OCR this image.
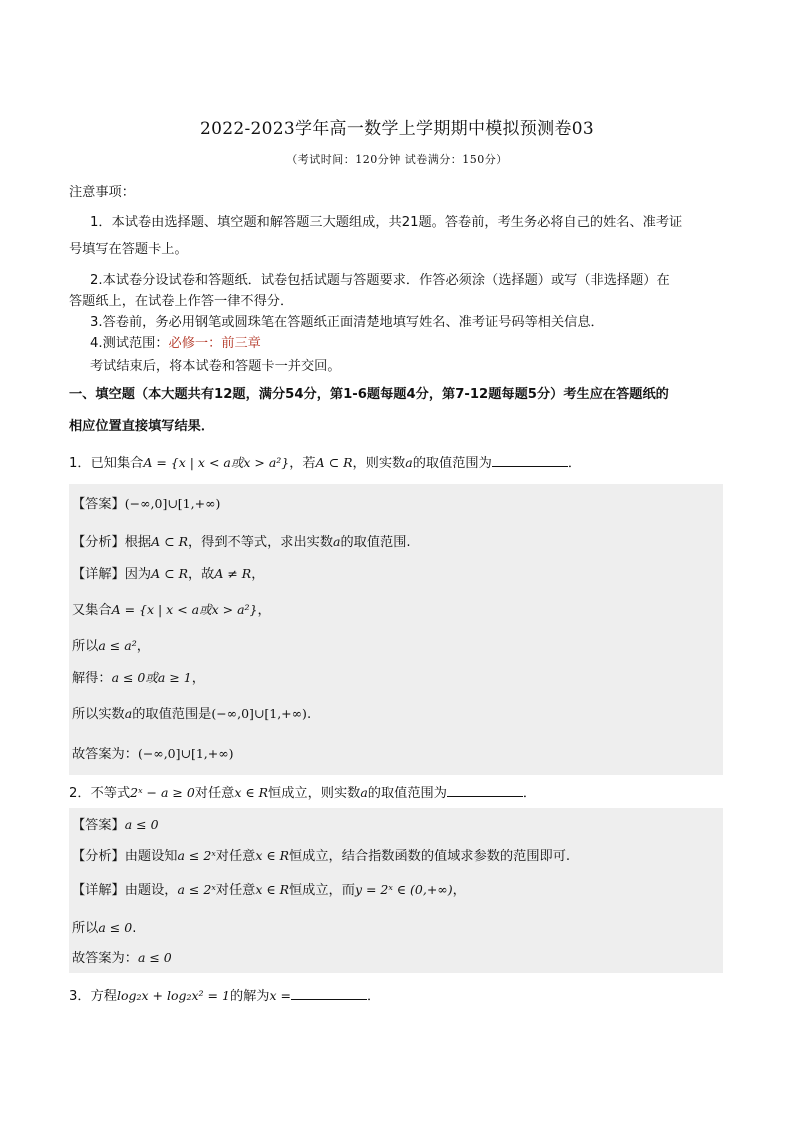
2022-2023学年高一数学上学期期中模拟预测卷03
（考试时间：120分钟 试卷满分：150分）
注意事项：
1．本试卷由选择题、填空题和解答题三大题组成，共21题。答卷前，考生务必将自己的姓名、准考证
号填写在答题卡上。
2.本试卷分设试卷和答题纸．试卷包括试题与答题要求．作答必须涂（选择题）或写（非选择题）在
答题纸上，在试卷上作答一律不得分．
3.答卷前，务必用钢笔或圆珠笔在答题纸正面清楚地填写姓名、准考证号码等相关信息．
4.测试范围：必修一：前三章
考试结束后，将本试卷和答题卡一并交回。
一、填空题（本大题共有12题，满分54分，第1-6题每题4分，第7-12题每题5分）考生应在答题纸的
相应位置直接填写结果．
1．已知集合A = {x | x < a或x > a²}，若A ⊂ R，则实数a的取值范围为	．
【答案】(−∞,0]∪[1,+∞)
【分析】根据A ⊂ R，得到不等式，求出实数a的取值范围.
【详解】因为A ⊂ R，故A ≠ R，
又集合A = {x | x < a或x > a²}，
所以a ≤ a²，
解得：a ≤ 0或a ≥ 1，
所以实数a的取值范围是(−∞,0]∪[1,+∞).
故答案为：(−∞,0]∪[1,+∞)
2．不等式2ˣ − a ≥ 0对任意x ∈ R恒成立，则实数a的取值范围为	．
【答案】a ≤ 0
【分析】由题设知a ≤ 2ˣ对任意x ∈ R恒成立，结合指数函数的值域求参数的范围即可.
【详解】由题设，a ≤ 2ˣ对任意x ∈ R恒成立，而y = 2ˣ ∈ (0,+∞)，
所以a ≤ 0.
故答案为：a ≤ 0
3．方程log₂x + log₂x² = 1的解为x =	．
